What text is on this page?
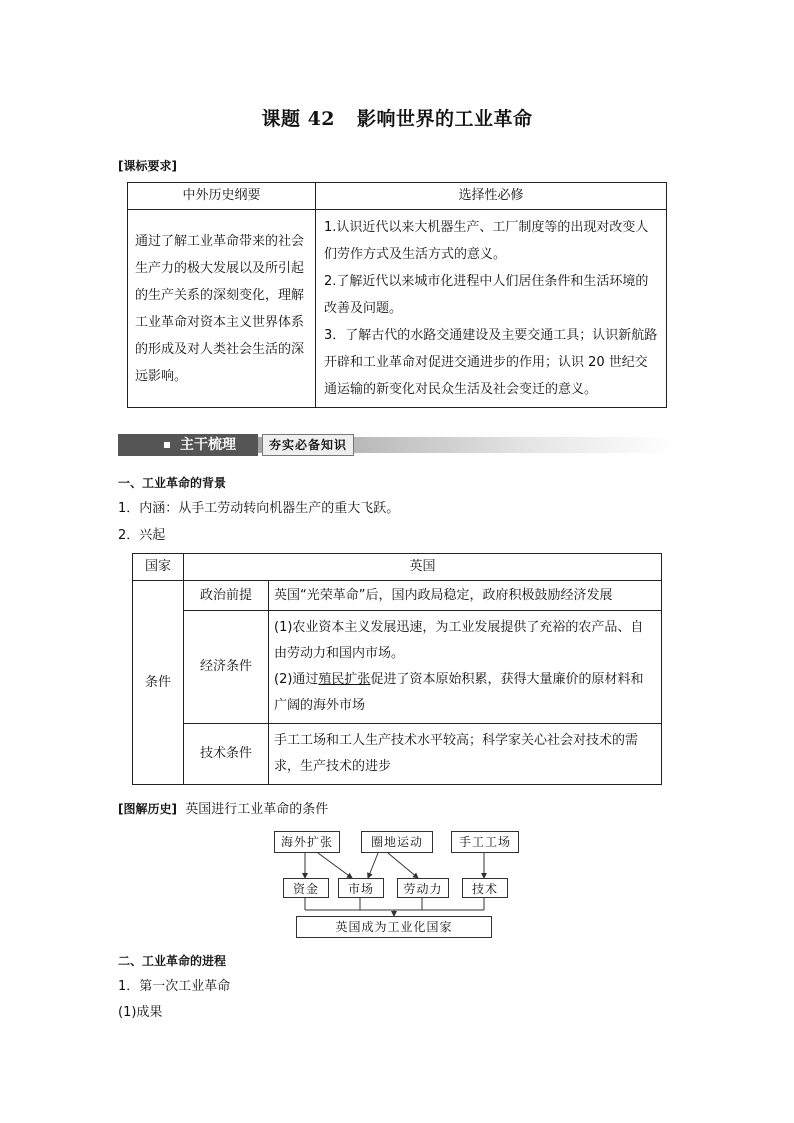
课题 42 影响世界的工业革命
[课标要求]
中外历史纲要	选择性必修
通过了解工业革命带来的社会生产力的极大发展以及所引起的生产关系的深刻变化，理解工业革命对资本主义世界体系的形成及对人类社会生活的深远影响。	1.认识近代以来大机器生产、工厂制度等的出现对改变人们劳作方式及生活方式的意义。
2.了解近代以来城市化进程中人们居住条件和生活环境的改善及问题。
3．了解古代的水路交通建设及主要交通工具；认识新航路开辟和工业革命对促进交通进步的作用；认识 20 世纪交通运输的新变化对民众生活及社会变迁的意义。
主干梳理	夯实必备知识
一、工业革命的背景
1．内涵：从手工劳动转向机器生产的重大飞跃。
2．兴起
国家	英国	
条件	政治前提	英国“光荣革命”后，国内政局稳定，政府积极鼓励经济发展
	经济条件	(1)农业资本主义发展迅速，为工业发展提供了充裕的农产品、自由劳动力和国内市场。
(2)通过殖民扩张促进了资本原始积累，获得大量廉价的原材料和广阔的海外市场

	技术条件	手工工场和工人生产技术水平较高；科学家关心社会对技术的需求，生产技术的进步
[图解历史] 英国进行工业革命的条件
海外扩张	圈地运动	手工工场
资金	市场	劳动力	技术
英国成为工业化国家
二、工业革命的进程
1．第一次工业革命
(1)成果
